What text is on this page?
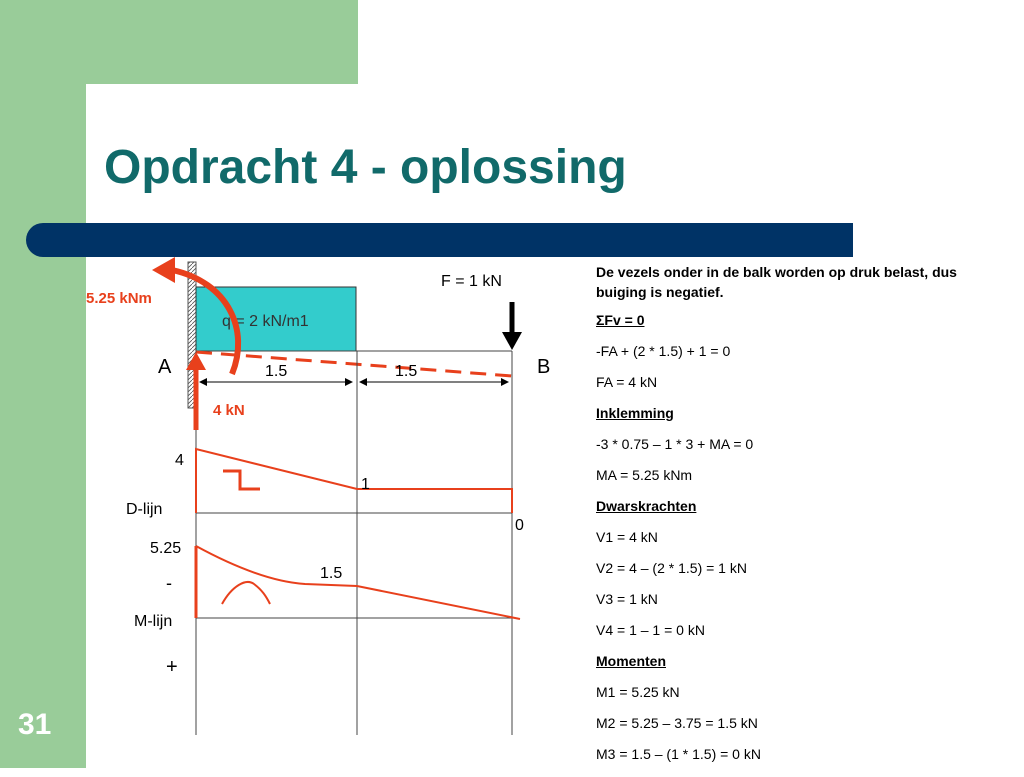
Opdracht 4 - oplossing
31
q = 2 kN/m1
1.5	1.5
A	B
F = 1 kN
4 kN
5.25 kNm
4
1
0
D-lijn
5.25
1.5
-
M-lijn
+

De vezels onder in de balk worden op druk belast, dus buiging is negatief.

ΣFv = 0

-FA + (2 * 1.5) + 1 = 0

FA = 4 kN

Inklemming

-3 * 0.75 – 1 * 3 + MA = 0

MA = 5.25 kNm

Dwarskrachten

V1 = 4 kN

V2 = 4 – (2 * 1.5) = 1 kN

V3 = 1 kN

V4 = 1 – 1 = 0 kN

Momenten

M1 = 5.25 kN

M2 = 5.25 – 3.75 = 1.5 kN

M3 = 1.5 – (1 * 1.5) = 0 kN
